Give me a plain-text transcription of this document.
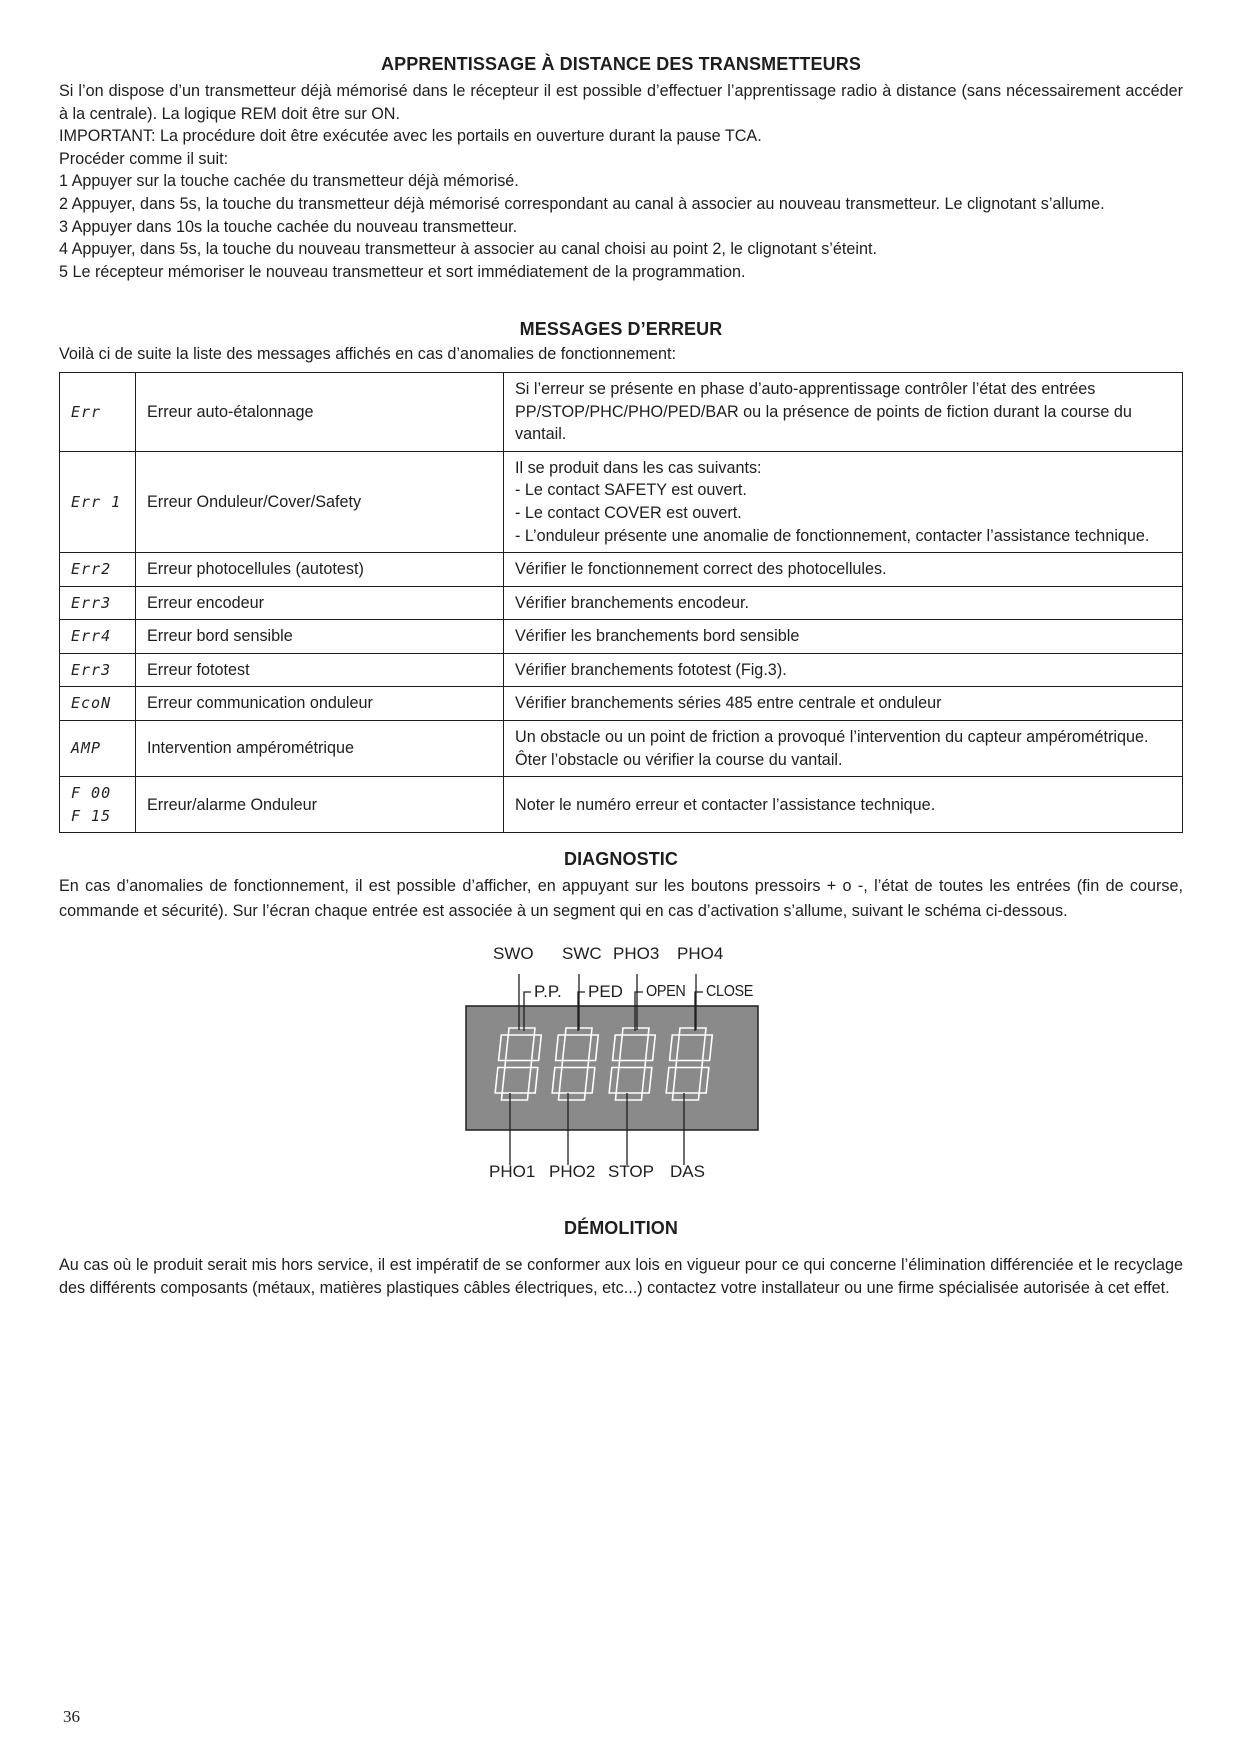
APPRENTISSAGE À DISTANCE DES TRANSMETTEURS

Si l’on dispose d’un transmetteur déjà mémorisé dans le récepteur il est possible d’effectuer l’apprentissage radio à distance (sans nécessairement accéder à la centrale). La logique REM doit être sur ON.

IMPORTANT: La procédure doit être exécutée avec les portails en ouverture durant la pause TCA.

Procéder comme il suit:

1 Appuyer sur la touche cachée du transmetteur déjà mémorisé.

2 Appuyer, dans 5s, la touche du transmetteur déjà mémorisé correspondant au canal à associer au nouveau transmetteur. Le clignotant s’allume.

3 Appuyer dans 10s la touche cachée du nouveau transmetteur.

4 Appuyer, dans 5s, la touche du nouveau transmetteur à associer au canal choisi au point 2, le clignotant s’éteint.

5 Le récepteur mémoriser le nouveau transmetteur et sort immédiatement de la programmation.

MESSAGES D’ERREUR

Voilà ci de suite la liste des messages affichés en cas d’anomalies de fonctionnement:

Err	Erreur auto-étalonnage	Si l’erreur se présente en phase d’auto-apprentissage contrôler l’état des entrées PP/STOP/PHC/PHO/PED/BAR ou la présence de points de fiction durant la course du vantail.
Err 1	Erreur Onduleur/Cover/Safety	Il se produit dans les cas suivants:
- Le contact SAFETY est ouvert.
- Le contact COVER est ouvert.
- L’onduleur présente une anomalie de fonctionnement, contacter l’assistance technique.
Err2	Erreur photocellules (autotest)	Vérifier le fonctionnement correct des photocellules.
Err3	Erreur encodeur	Vérifier branchements encodeur.
Err4	Erreur bord sensible	Vérifier les branchements bord sensible
Err3	Erreur fototest	Vérifier branchements fototest (Fig.3).
EcoN	Erreur communication onduleur	Vérifier branchements séries 485 entre centrale et onduleur
AMP	Intervention ampérométrique	Un obstacle ou un point de friction a provoqué l’intervention du capteur ampérométrique. Ôter l’obstacle ou vérifier la course du vantail.
F 00
F 15	Erreur/alarme Onduleur	Noter le numéro erreur et contacter l’assistance technique.
DIAGNOSTIC

En cas d’anomalies de fonctionnement, il est possible d’afficher, en appuyant sur les boutons pressoirs + o -, l’état de toutes les entrées (fin de course, commande et sécurité). Sur l’écran chaque entrée est associée à un segment qui en cas d’activation s’allume, suivant le schéma ci-dessous.

SWO SWC PHO3 PHO4
P.P. PED OPEN CLOSE
PHO1 PHO2 STOP DAS
DÉMOLITION

Au cas où le produit serait mis hors service, il est impératif de se conformer aux lois en vigueur pour ce qui concerne l’élimination différenciée et le recyclage des différents composants (métaux, matières plastiques câbles électriques, etc...) contactez votre installateur ou une firme spécialisée autorisée à cet effet.

36
